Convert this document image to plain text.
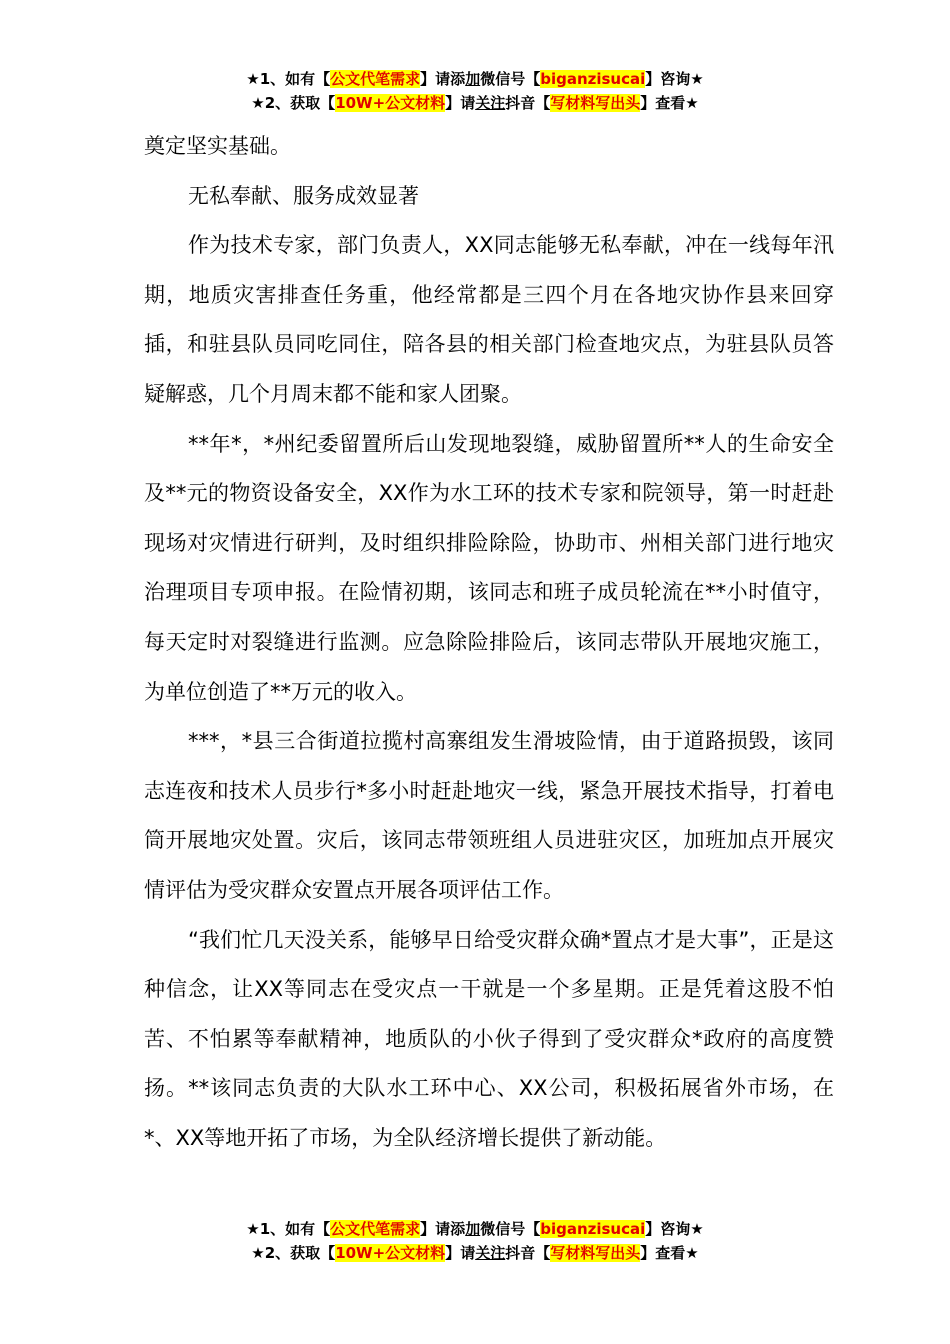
★1、如有【公文代笔需求】请添加微信号【biganzisucai】咨询★
★2、获取【10W+公文材料】请关注抖音【写材料写出头】查看★

奠定坚实基础。

无私奉献、服务成效显著

作为技术专家，部门负责人，XX同志能够无私奉献，冲在一线每年汛期，地质灾害排查任务重，他经常都是三四个月在各地灾协作县来回穿插，和驻县队员同吃同住，陪各县的相关部门检查地灾点，为驻县队员答疑解惑，几个月周末都不能和家人团聚。

**年*，*州纪委留置所后山发现地裂缝，威胁留置所**人的生命安全及**元的物资设备安全，XX作为水工环的技术专家和院领导，第一时赶赴现场对灾情进行研判，及时组织排险除险，协助市、州相关部门进行地灾治理项目专项申报。在险情初期，该同志和班子成员轮流在**小时值守，每天定时对裂缝进行监测。应急除险排险后，该同志带队开展地灾施工，为单位创造了**万元的收入。

***，*县三合街道拉揽村高寨组发生滑坡险情，由于道路损毁，该同志连夜和技术人员步行*多小时赶赴地灾一线，紧急开展技术指导，打着电筒开展地灾处置。灾后，该同志带领班组人员进驻灾区，加班加点开展灾情评估为受灾群众安置点开展各项评估工作。

“我们忙几天没关系，能够早日给受灾群众确*置点才是大事”，正是这种信念，让XX等同志在受灾点一干就是一个多星期。正是凭着这股不怕苦、不怕累等奉献精神，地质队的小伙子得到了受灾群众*政府的高度赞扬。**该同志负责的大队水工环中心、XX公司，积极拓展省外市场，在*、XX等地开拓了市场，为全队经济增长提供了新动能。

★1、如有【公文代笔需求】请添加微信号【biganzisucai】咨询★
★2、获取【10W+公文材料】请关注抖音【写材料写出头】查看★
